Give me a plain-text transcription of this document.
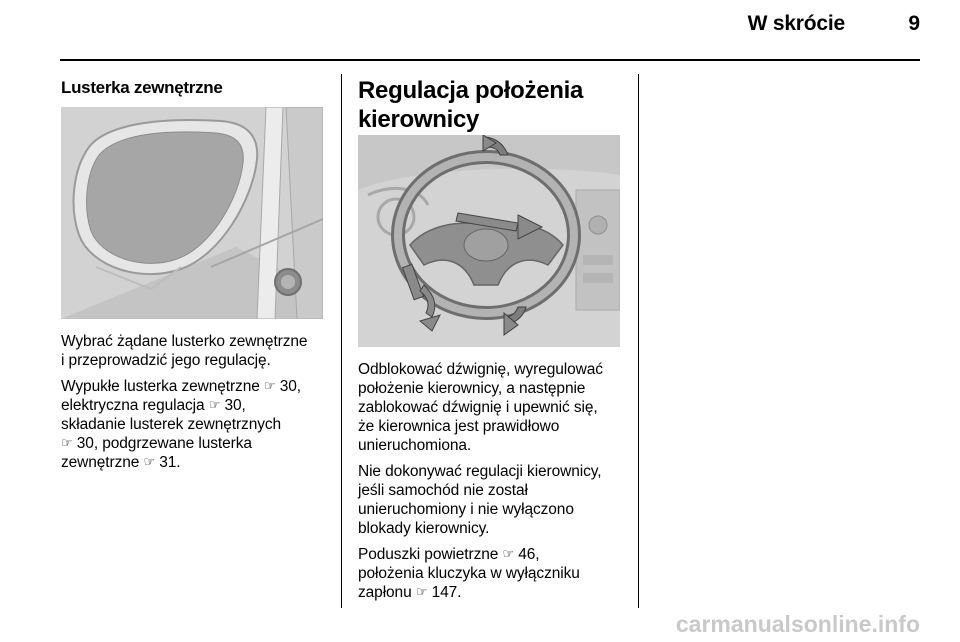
W skrócie	9
Lusterka zewnętrzne

Wybrać żądane lusterko zewnętrzne
i przeprowadzić jego regulację.

Wypukłe lusterka zewnętrzne ☞ 30,
elektryczna regulacja ☞ 30,
składanie lusterek zewnętrznych
☞ 30, podgrzewane lusterka
zewnętrzne ☞ 31.

Regulacja położenia
kierownicy

Odblokować dźwignię, wyregulować
położenie kierownicy, a następnie
zablokować dźwignię i upewnić się,
że kierownica jest prawidłowo
unieruchomiona.

Nie dokonywać regulacji kierownicy,
jeśli samochód nie został
unieruchomiony i nie wyłączono
blokady kierownicy.

Poduszki powietrzne ☞ 46,
położenia kluczyka w wyłączniku
zapłonu ☞ 147.

carmanualsonline.info
